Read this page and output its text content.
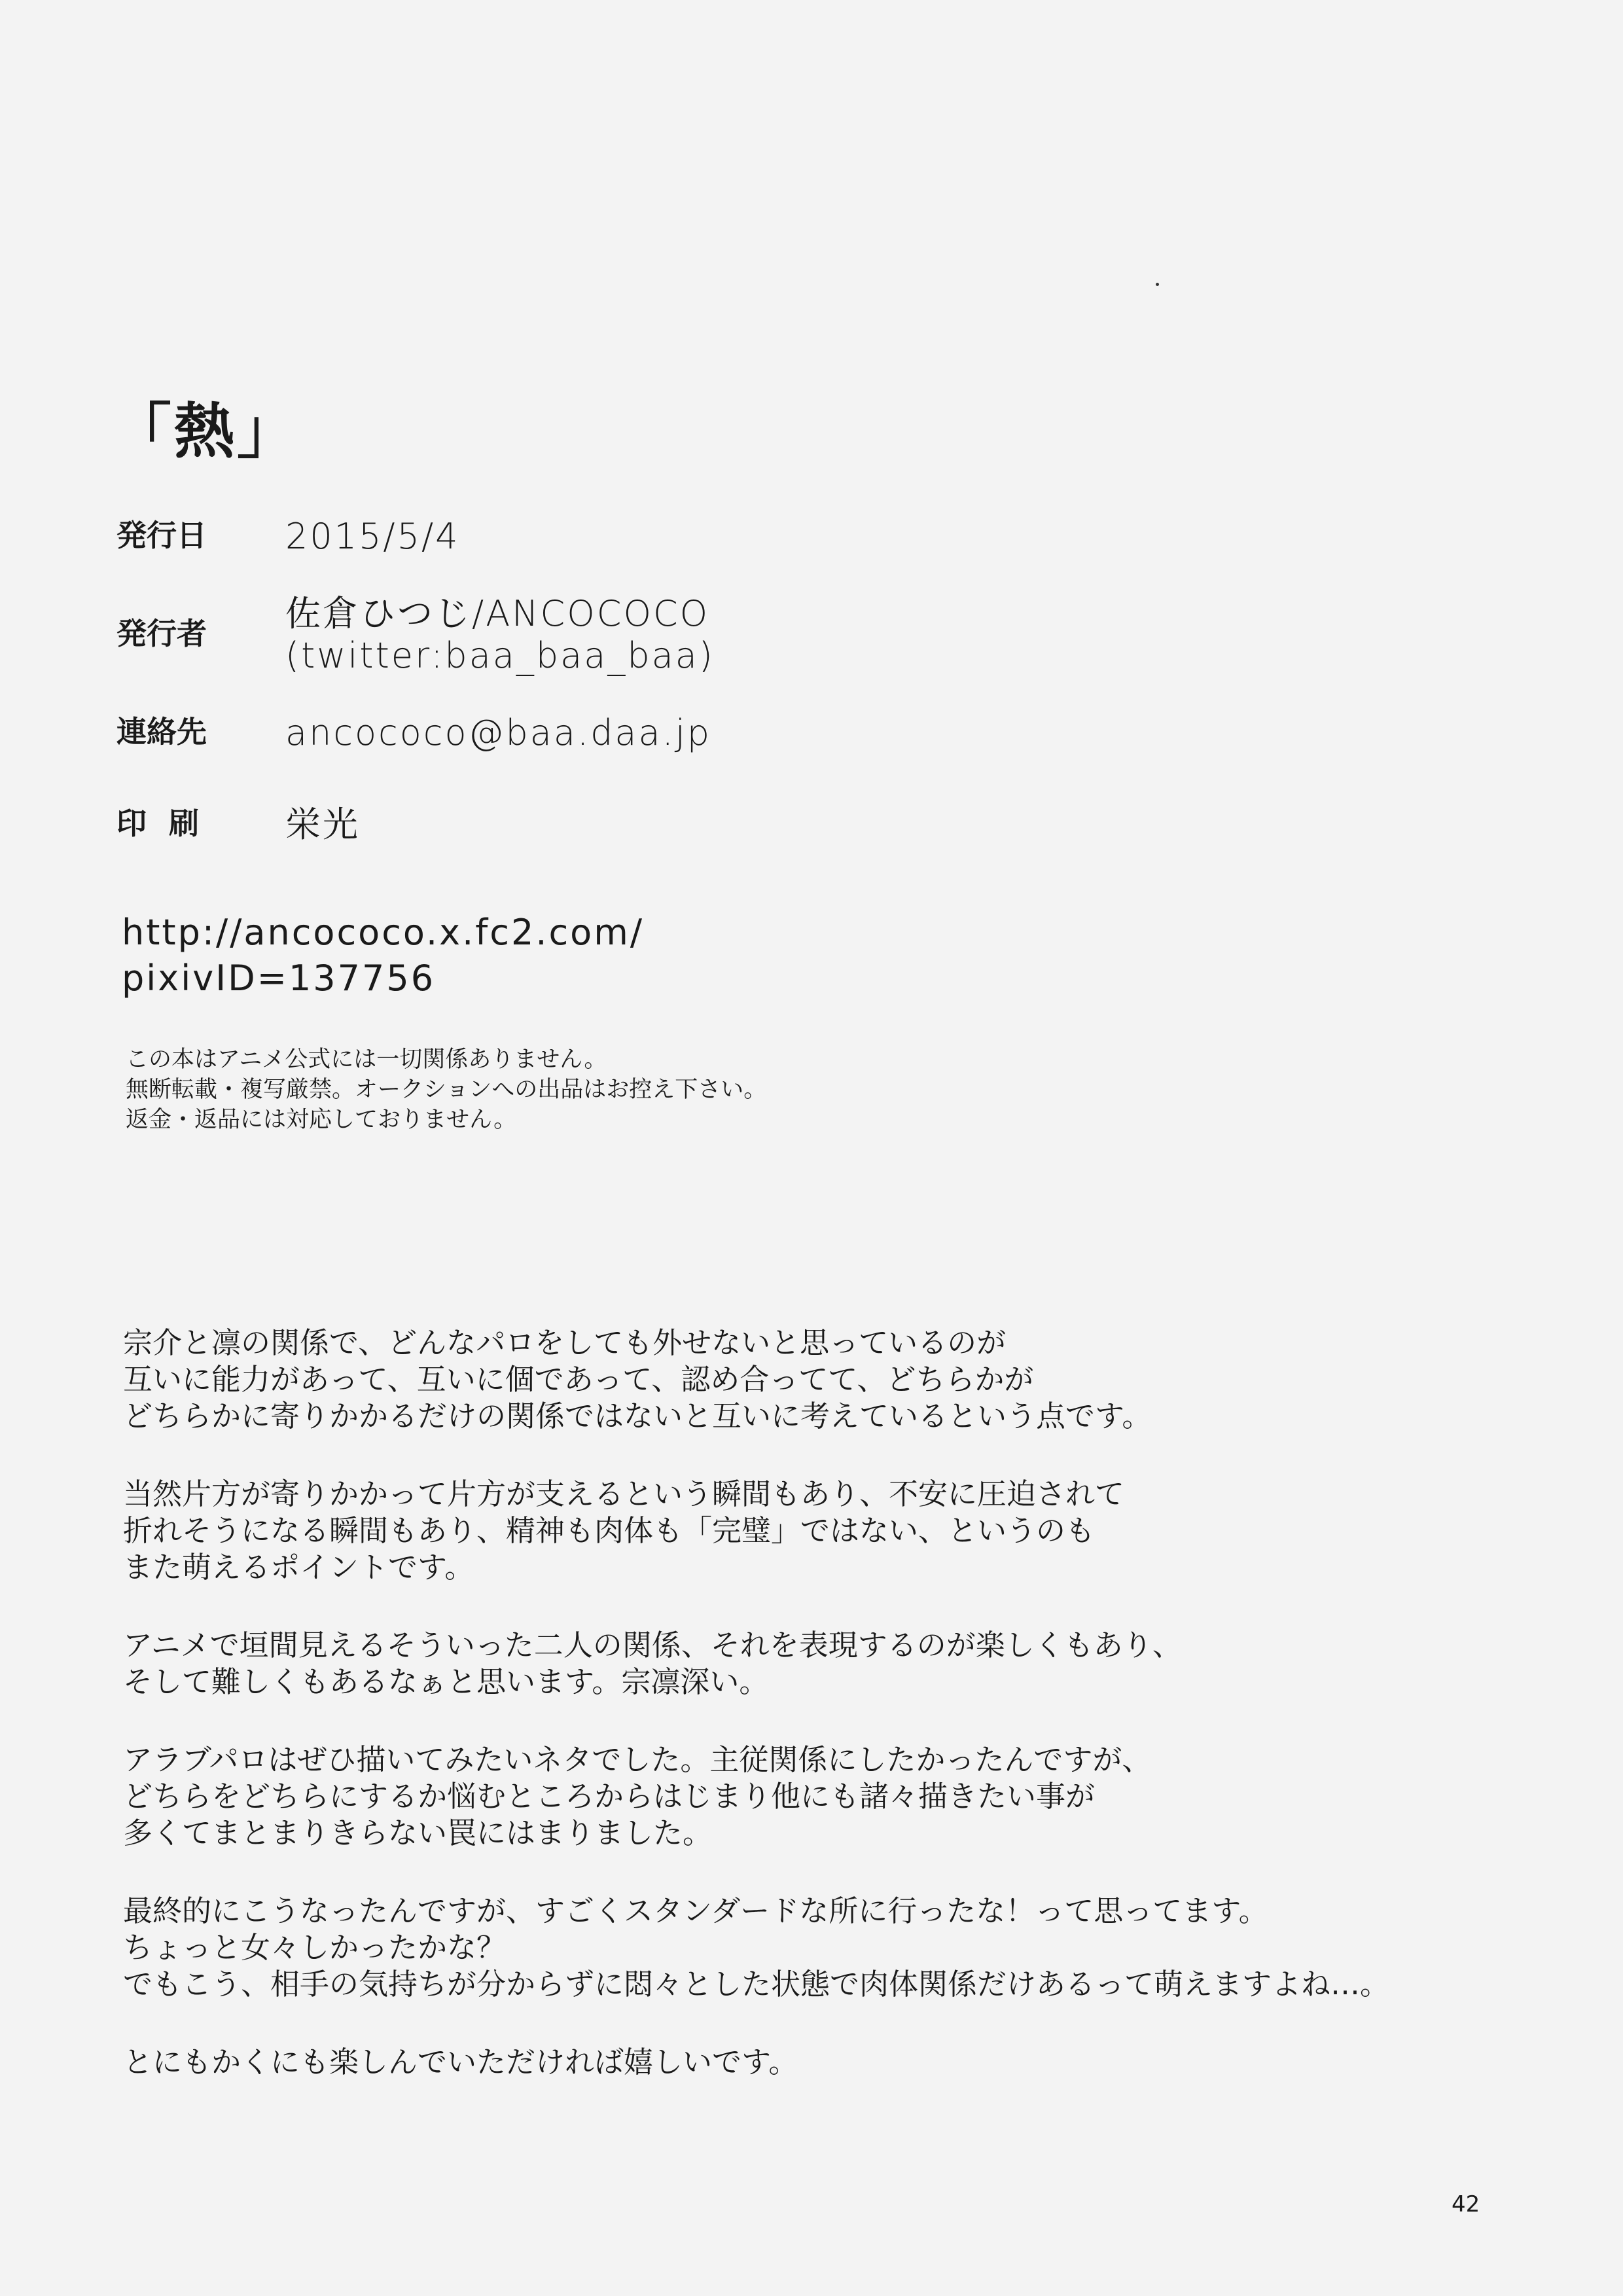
「熱」
発行日	2015/5/4
発行者	佐倉ひつじ/ANCOCOCO
(twitter:baa_baa_baa)
連絡先	ancococo@baa.daa.jp
印刷 栄光
http://ancococo.x.fc2.com/
pixivID=137756
この本はアニメ公式には一切関係ありません。
無断転載・複写厳禁。オークションへの出品はお控え下さい。
返金・返品には対応しておりません。
宗介と凛の関係で、どんなパロをしても外せないと思っているのが
互いに能力があって、互いに個であって、認め合ってて、どちらかが
どちらかに寄りかかるだけの関係ではないと互いに考えているという点です。
当然片方が寄りかかって片方が支えるという瞬間もあり、不安に圧迫されて
折れそうになる瞬間もあり、精神も肉体も「完璧」ではない、というのも
また萌えるポイントです。
アニメで垣間見えるそういった二人の関係、それを表現するのが楽しくもあり、
そして難しくもあるなぁと思います。宗凛深い。
アラブパロはぜひ描いてみたいネタでした。主従関係にしたかったんですが、
どちらをどちらにするか悩むところからはじまり他にも諸々描きたい事が
多くてまとまりきらない罠にはまりました。
最終的にこうなったんですが、すごくスタンダードな所に行ったな！って思ってます。
ちょっと女々しかったかな？
でもこう、相手の気持ちが分からずに悶々とした状態で肉体関係だけあるって萌えますよね…。
とにもかくにも楽しんでいただければ嬉しいです。
42
